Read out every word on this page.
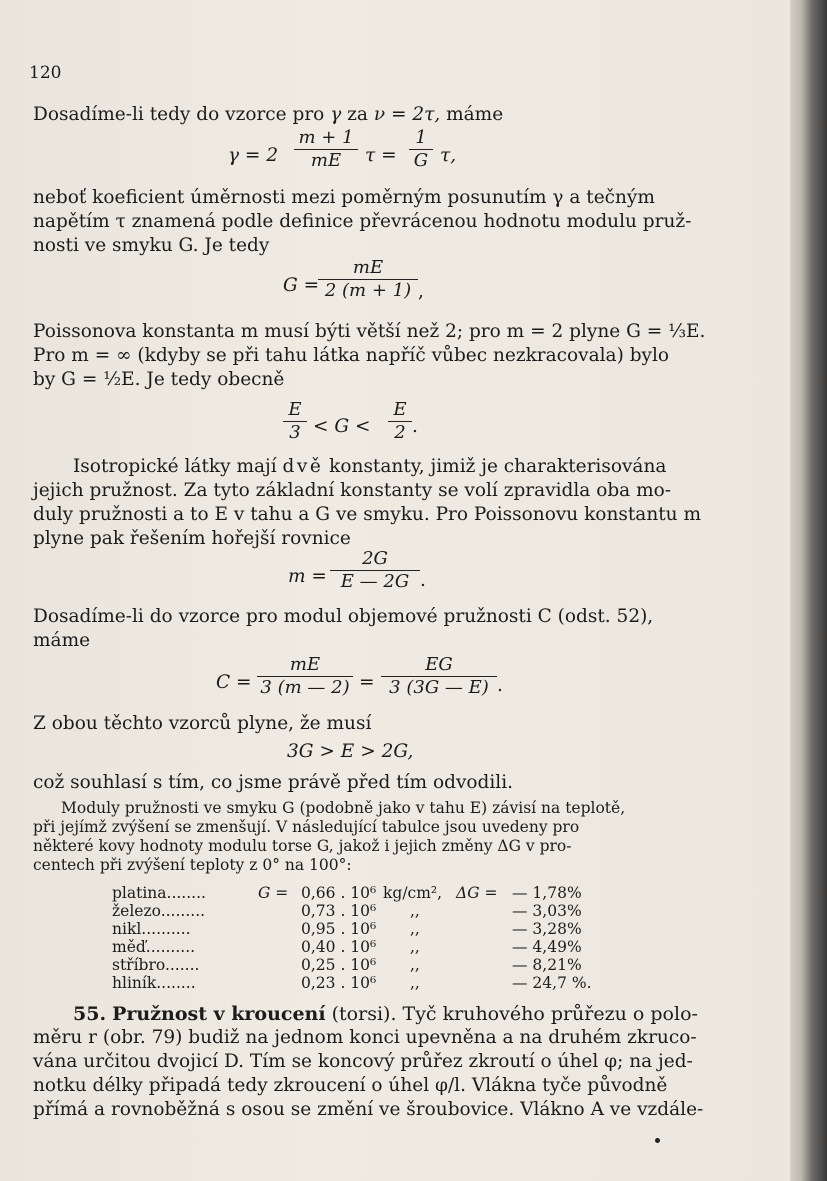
120
Dosadíme-li tedy do vzorce pro γ za ν = 2τ, máme
γ = 2
m + 1
mE	τ =
1
G τ,
neboť koeficient úměrnosti mezi poměrným posunutím γ a tečným
napětím τ znamená podle definice převrácenou hodnotu modulu pruž-
nosti ve smyku G. Je tedy
G =
mE
2 (m + 1) ,
Poissonova konstanta m musí býti větší než 2; pro m = 2 plyne G = ⅓E.
Pro m = ∞ (kdyby se při tahu látka napříč vůbec nezkracovala) bylo
by G = ½E. Je tedy obecně
E
3 < G <
E
2 .
Isotropické látky mají dvě konstanty, jimiž je charakterisována
jejich pružnost. Za tyto základní konstanty se volí zpravidla oba mo-
duly pružnosti a to E v tahu a G ve smyku. Pro Poissonovu konstantu m
plyne pak řešením hořejší rovnice
m =
2G
E — 2G .
Dosadíme-li do vzorce pro modul objemové pružnosti C (odst. 52),
máme
C =
mE
3 (m — 2) =
EG
3 (3G — E) .
Z obou těchto vzorců plyne, že musí
3G > E > 2G,
což souhlasí s tím, co jsme právě před tím odvodili.
Moduly pružnosti ve smyku G (podobně jako v tahu E) závisí na teplotě,
při jejímž zvýšení se zmenšují. V následující tabulce jsou uvedeny pro
některé kovy hodnoty modulu torse G, jakož i jejich změny ΔG v pro-
centech při zvýšení teploty z 0° na 100°:
platina........	G = 0,66 . 10⁶ kg/cm², ΔG = — 1,78%
železo.........	0,73 . 10⁶ ,,	— 3,03%
nikl..........	0,95 . 10⁶ ,,	— 3,28%
měď..........	0,40 . 10⁶ ,,	— 4,49%
stříbro.......	0,25 . 10⁶ ,,	— 8,21%
hliník........	0,23 . 10⁶ ,,	— 24,7 %.
55. Pružnost v kroucení (torsi). Tyč kruhového průřezu o polo-
měru r (obr. 79) budiž na jednom konci upevněna a na druhém zkruco-
vána určitou dvojicí D. Tím se koncový průřez zkroutí o úhel φ; na jed-
notku délky připadá tedy zkroucení o úhel φ/l. Vlákna tyče původně
přímá a rovnoběžná s osou se změní ve šroubovice. Vlákno A ve vzdále-
